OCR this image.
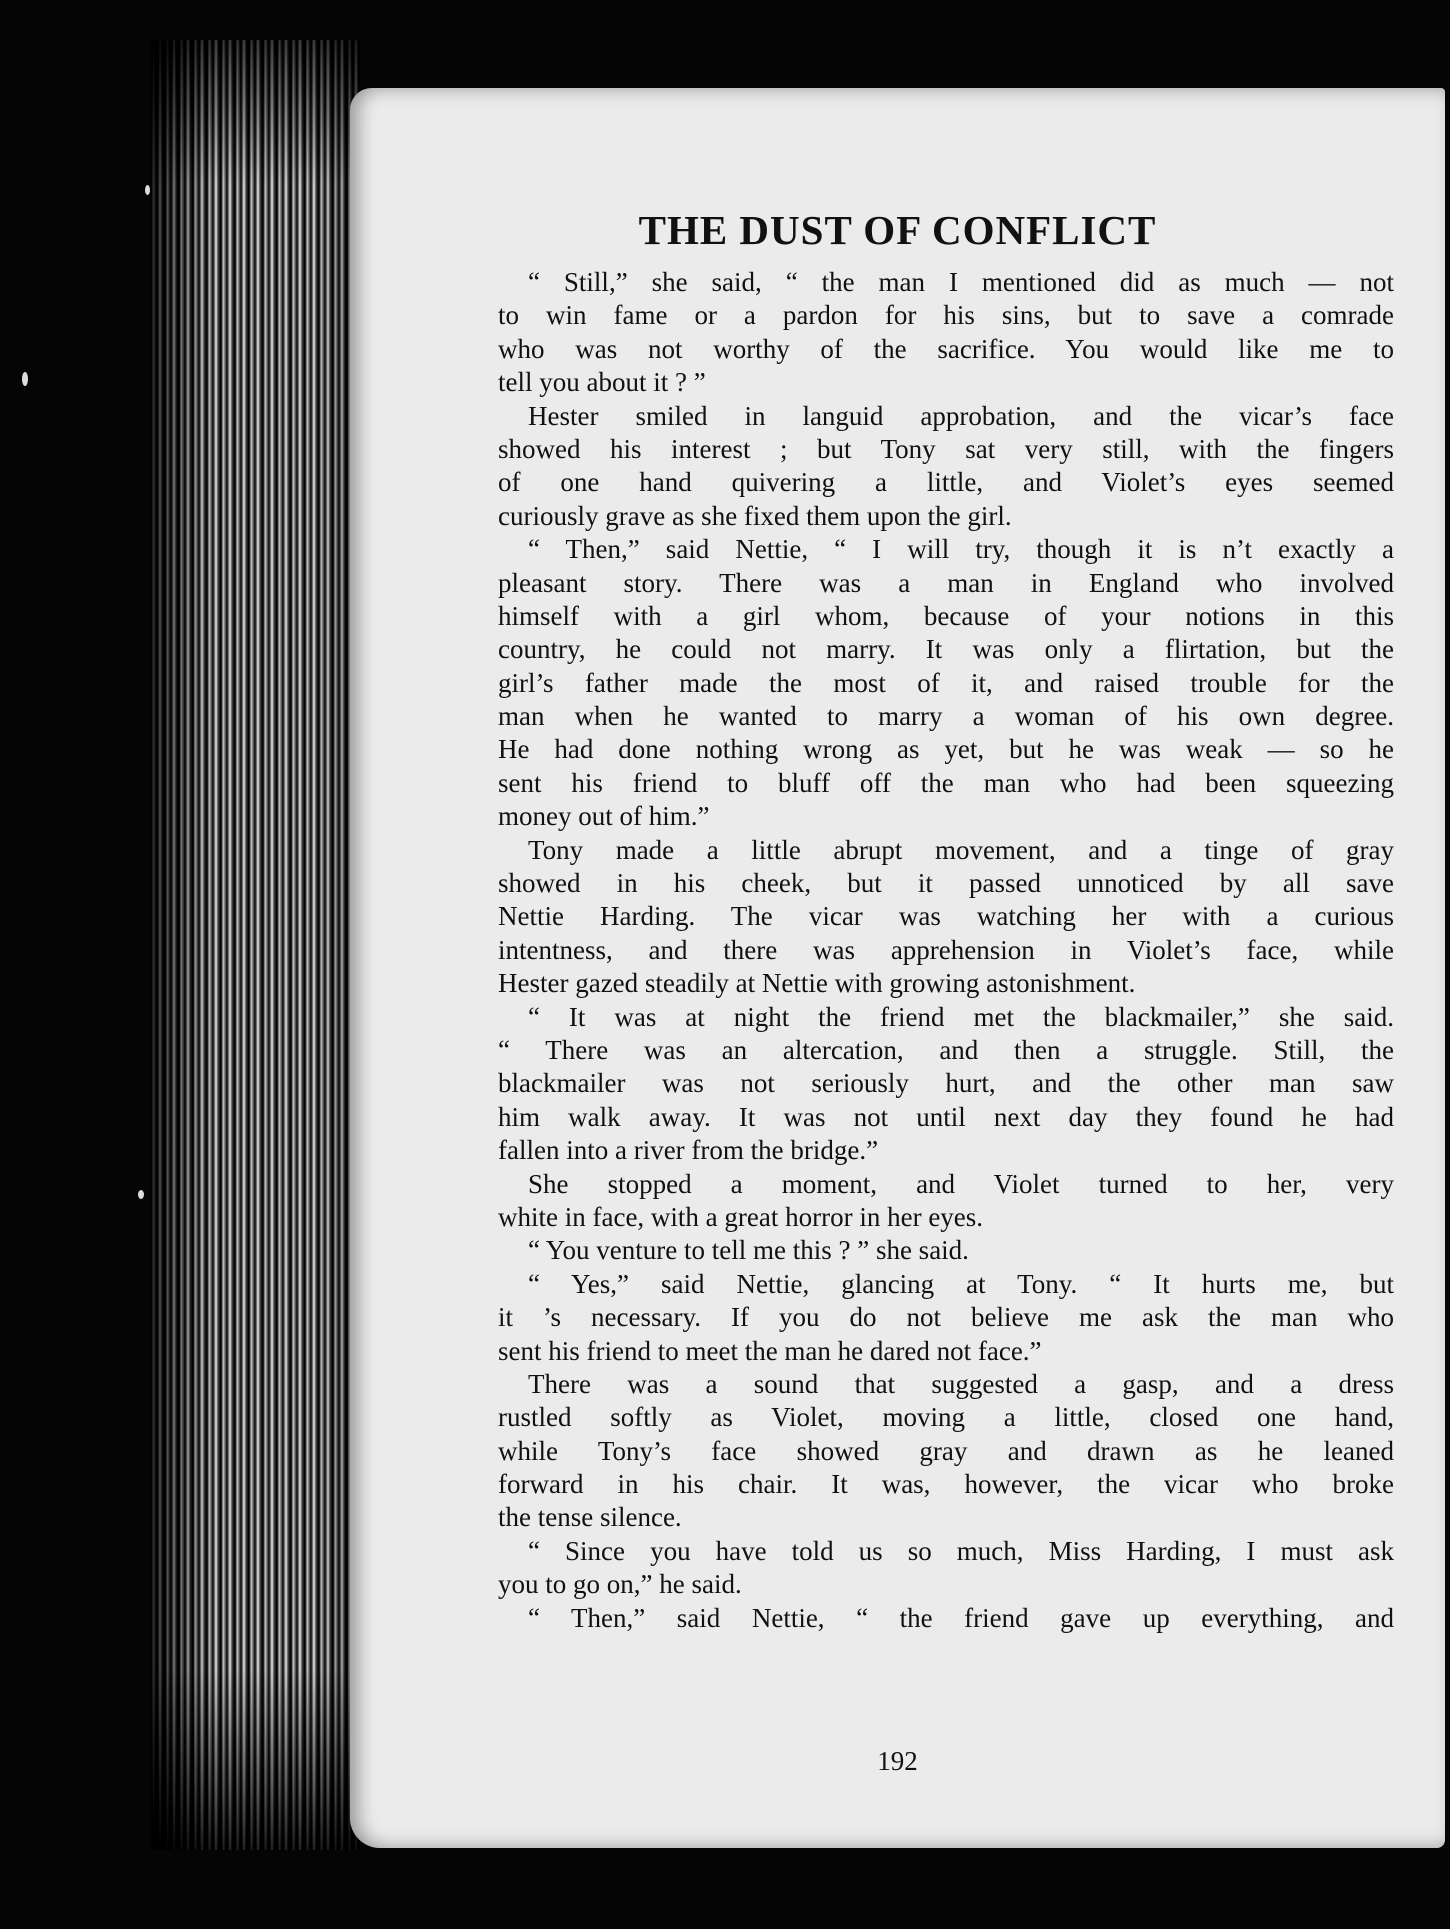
THE DUST OF CONFLICT
“ Still,” she said, “ the man I mentioned did as much — not
to win fame or a pardon for his sins, but to save a comrade
who was not worthy of the sacrifice. You would like me to
tell you about it ? ”
Hester smiled in languid approbation, and the vicar’s face
showed his interest ; but Tony sat very still, with the fingers
of one hand quivering a little, and Violet’s eyes seemed
curiously grave as she fixed them upon the girl.
“ Then,” said Nettie, “ I will try, though it is n’t exactly a
pleasant story. There was a man in England who involved
himself with a girl whom, because of your notions in this
country, he could not marry. It was only a flirtation, but the
girl’s father made the most of it, and raised trouble for the
man when he wanted to marry a woman of his own degree.
He had done nothing wrong as yet, but he was weak — so he
sent his friend to bluff off the man who had been squeezing
money out of him.”
Tony made a little abrupt movement, and a tinge of gray
showed in his cheek, but it passed unnoticed by all save
Nettie Harding. The vicar was watching her with a curious
intentness, and there was apprehension in Violet’s face, while
Hester gazed steadily at Nettie with growing astonishment.
“ It was at night the friend met the blackmailer,” she said.
“ There was an altercation, and then a struggle. Still, the
blackmailer was not seriously hurt, and the other man saw
him walk away. It was not until next day they found he had
fallen into a river from the bridge.”
She stopped a moment, and Violet turned to her, very
white in face, with a great horror in her eyes.
“ You venture to tell me this ? ” she said.
“ Yes,” said Nettie, glancing at Tony. “ It hurts me, but
it ’s necessary. If you do not believe me ask the man who
sent his friend to meet the man he dared not face.”
There was a sound that suggested a gasp, and a dress
rustled softly as Violet, moving a little, closed one hand,
while Tony’s face showed gray and drawn as he leaned
forward in his chair. It was, however, the vicar who broke
the tense silence.
“ Since you have told us so much, Miss Harding, I must ask
you to go on,” he said.
“ Then,” said Nettie, “ the friend gave up everything, and
192
